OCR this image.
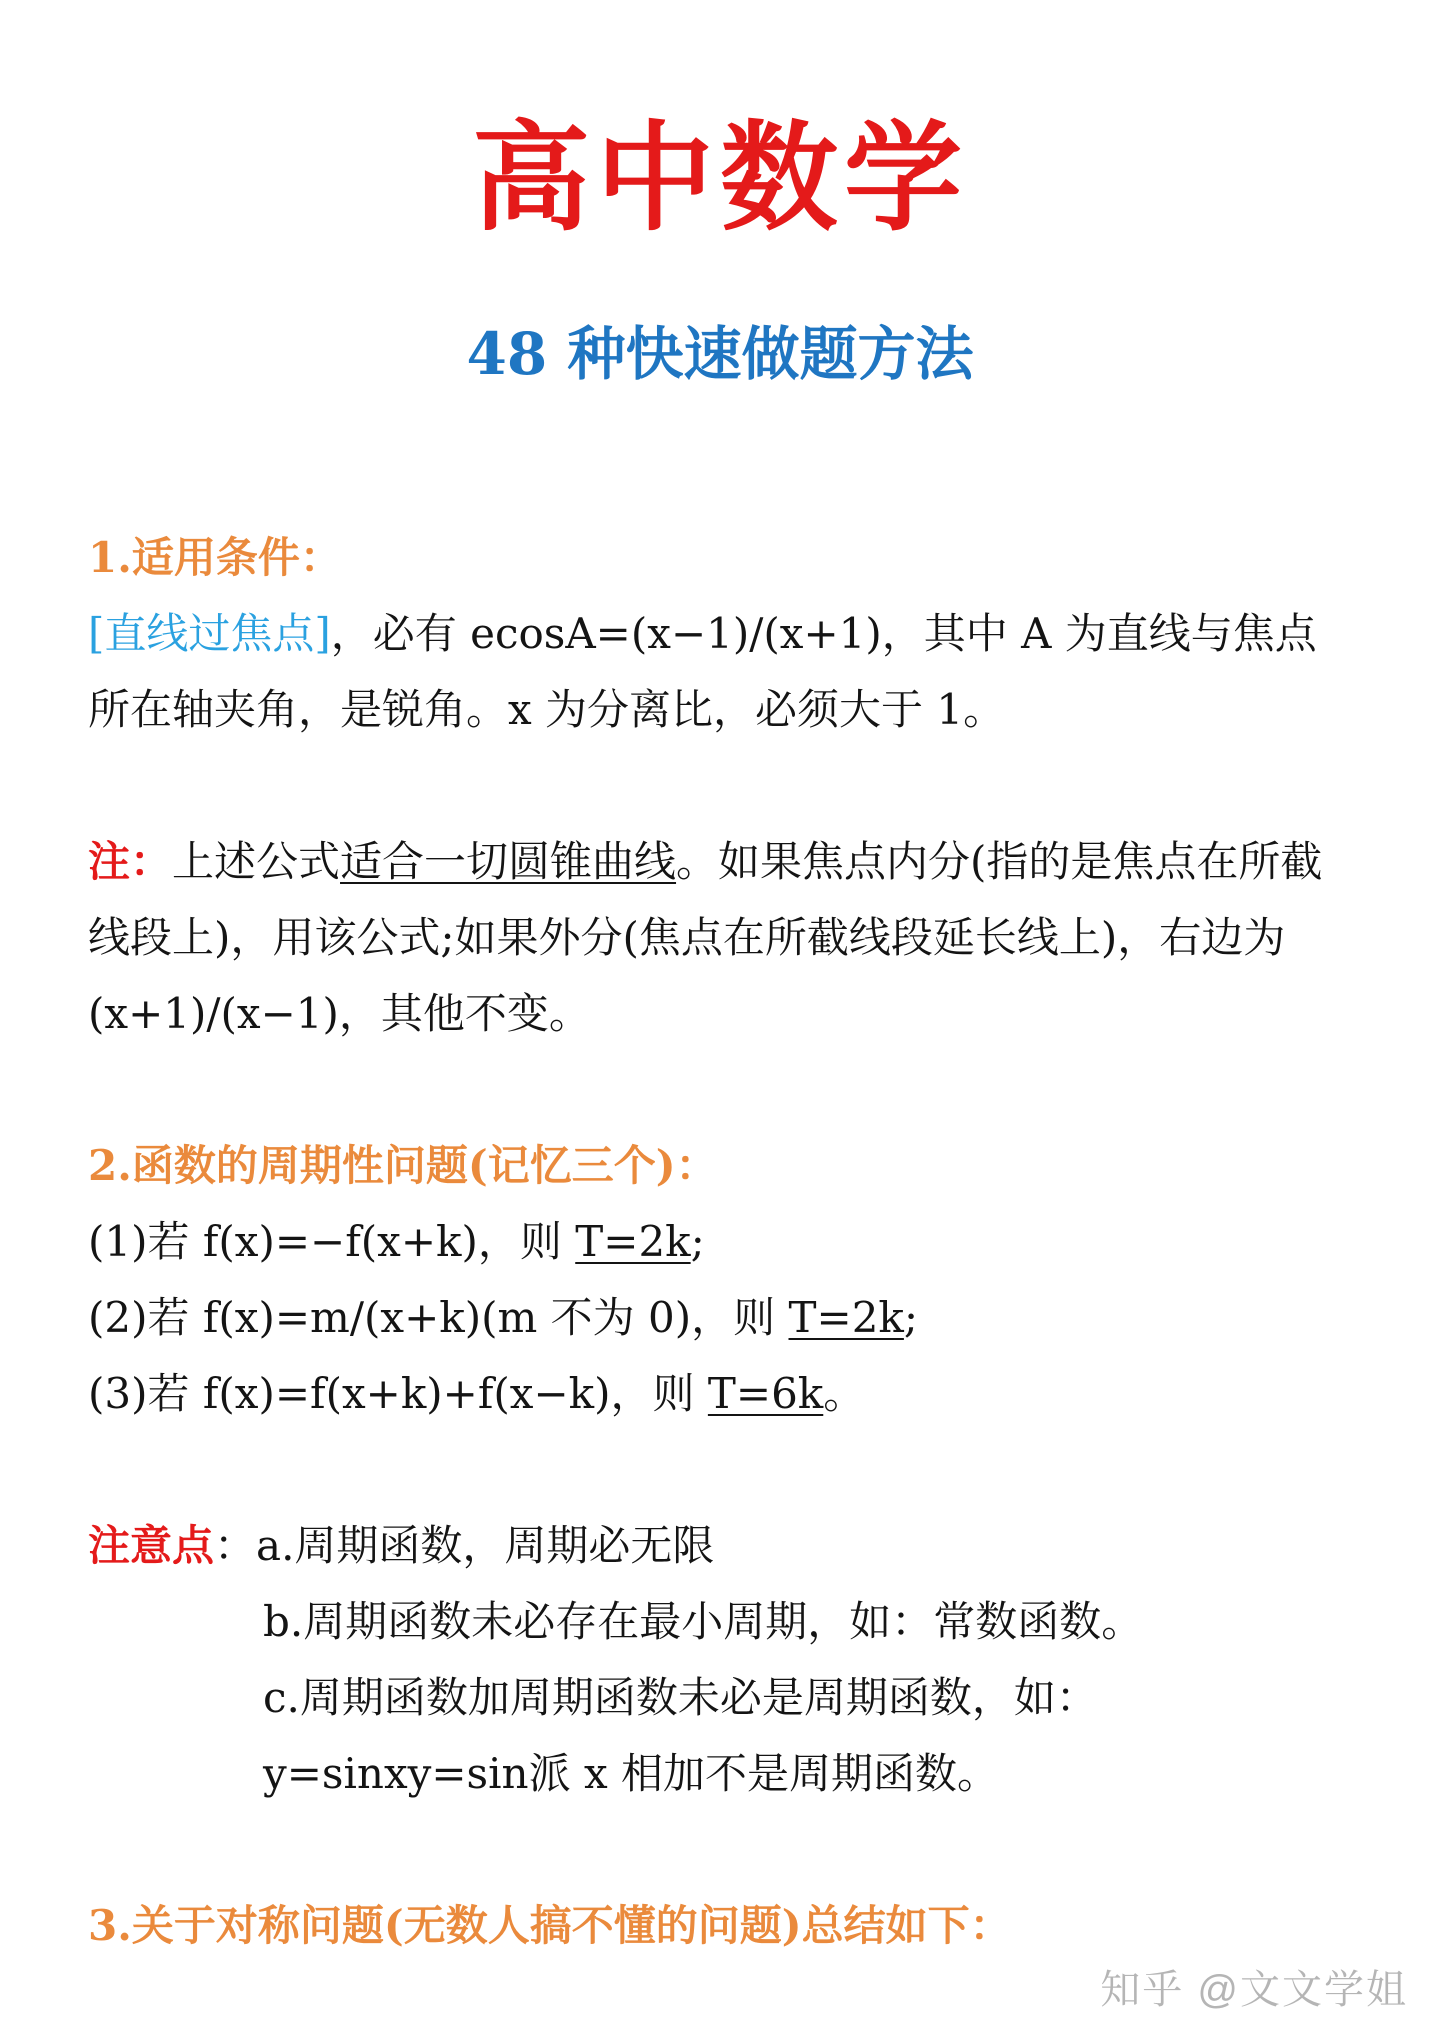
高中数学
48 种快速做题方法

1.适用条件：

[直线过焦点]，必有 ecosA=(x−1)/(x+1)，其中 A 为直线与焦点所在轴夹角，是锐角。x 为分离比，必须大于 1。

注：上述公式适合一切圆锥曲线。如果焦点内分(指的是焦点在所截线段上)，用该公式;如果外分(焦点在所截线段延长线上)，右边为(x+1)/(x−1)，其他不变。

2.函数的周期性问题(记忆三个)：

(1)若 f(x)=−f(x+k)，则 T=2k;

(2)若 f(x)=m/(x+k)(m 不为 0)，则 T=2k;

(3)若 f(x)=f(x+k)+f(x−k)，则 T=6k。

注意点：a.周期函数，周期必无限

b.周期函数未必存在最小周期，如：常数函数。

c.周期函数加周期函数未必是周期函数，如：y=sinxy=sin派 x 相加不是周期函数。

3.关于对称问题(无数人搞不懂的问题)总结如下：

知乎 @文文学姐
